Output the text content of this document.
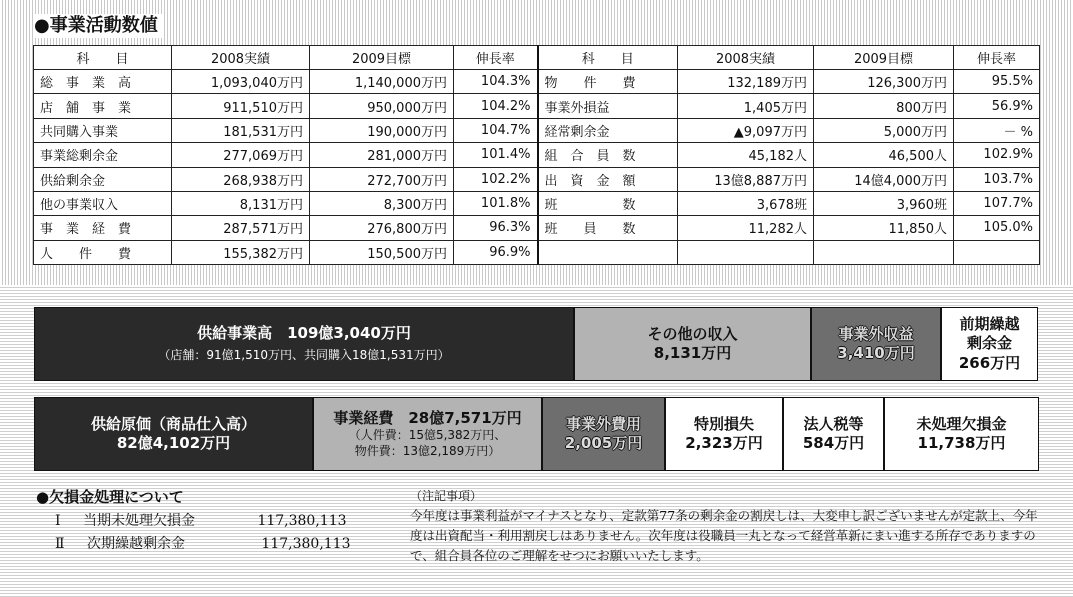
●事業活動数値
科　　目	2008実績	2009目標	伸長率	科　　目	2008実績	2009目標	伸長率
総　事　業　高	1,093,040万円	1,140,000万円	104.3%	物　　件　　費	132,189万円	126,300万円	95.5%
店　舗　事　業	911,510万円	950,000万円	104.2%	事業外損益	1,405万円	800万円	56.9%
共同購入事業	181,531万円	190,000万円	104.7%	経常剰余金	▲9,097万円	5,000万円	－ %
事業総剰余金	277,069万円	281,000万円	101.4%	組　合　員　数	45,182人	46,500人	102.9%
供給剰余金	268,938万円	272,700万円	102.2%	出　資　金　額	13億8,887万円	14億4,000万円	103.7%
他の事業収入	8,131万円	8,300万円	101.8%	班　　　　　数	3,678班	3,960班	107.7%
事　業　経　費	287,571万円	276,800万円	96.3%	班　　員　　数	11,282人	11,850人	105.0%
人　　件　　費	155,382万円	150,500万円	96.9%				
供給事業高　109億3,040万円
（店舗：91億1,510万円、共同購入18億1,531万円）
その他の収入
8,131万円
事業外収益
3,410万円
前期繰越
剰余金
266万円
供給原価（商品仕入高）
82億4,102万円
事業経費　28億7,571万円
（人件費：15億5,382万円、
物件費：13億2,189万円）
事業外費用
2,005万円
特別損失
2,323万円
法人税等
584万円
未処理欠損金
11,738万円
●欠損金処理について
Ⅰ 当期未処理欠損金	117,380,113
Ⅱ 次期繰越剰余金	117,380,113
（注記事項）
今年度は事業利益がマイナスとなり、定款第77条の剰余金の割戻しは、大変申し訳ございませんが定款上、今年度は出資配当・利用割戻しはありません。次年度は役職員一丸となって経営革新にまい進する所存でありますので、組合員各位のご理解をせつにお願いいたします。
